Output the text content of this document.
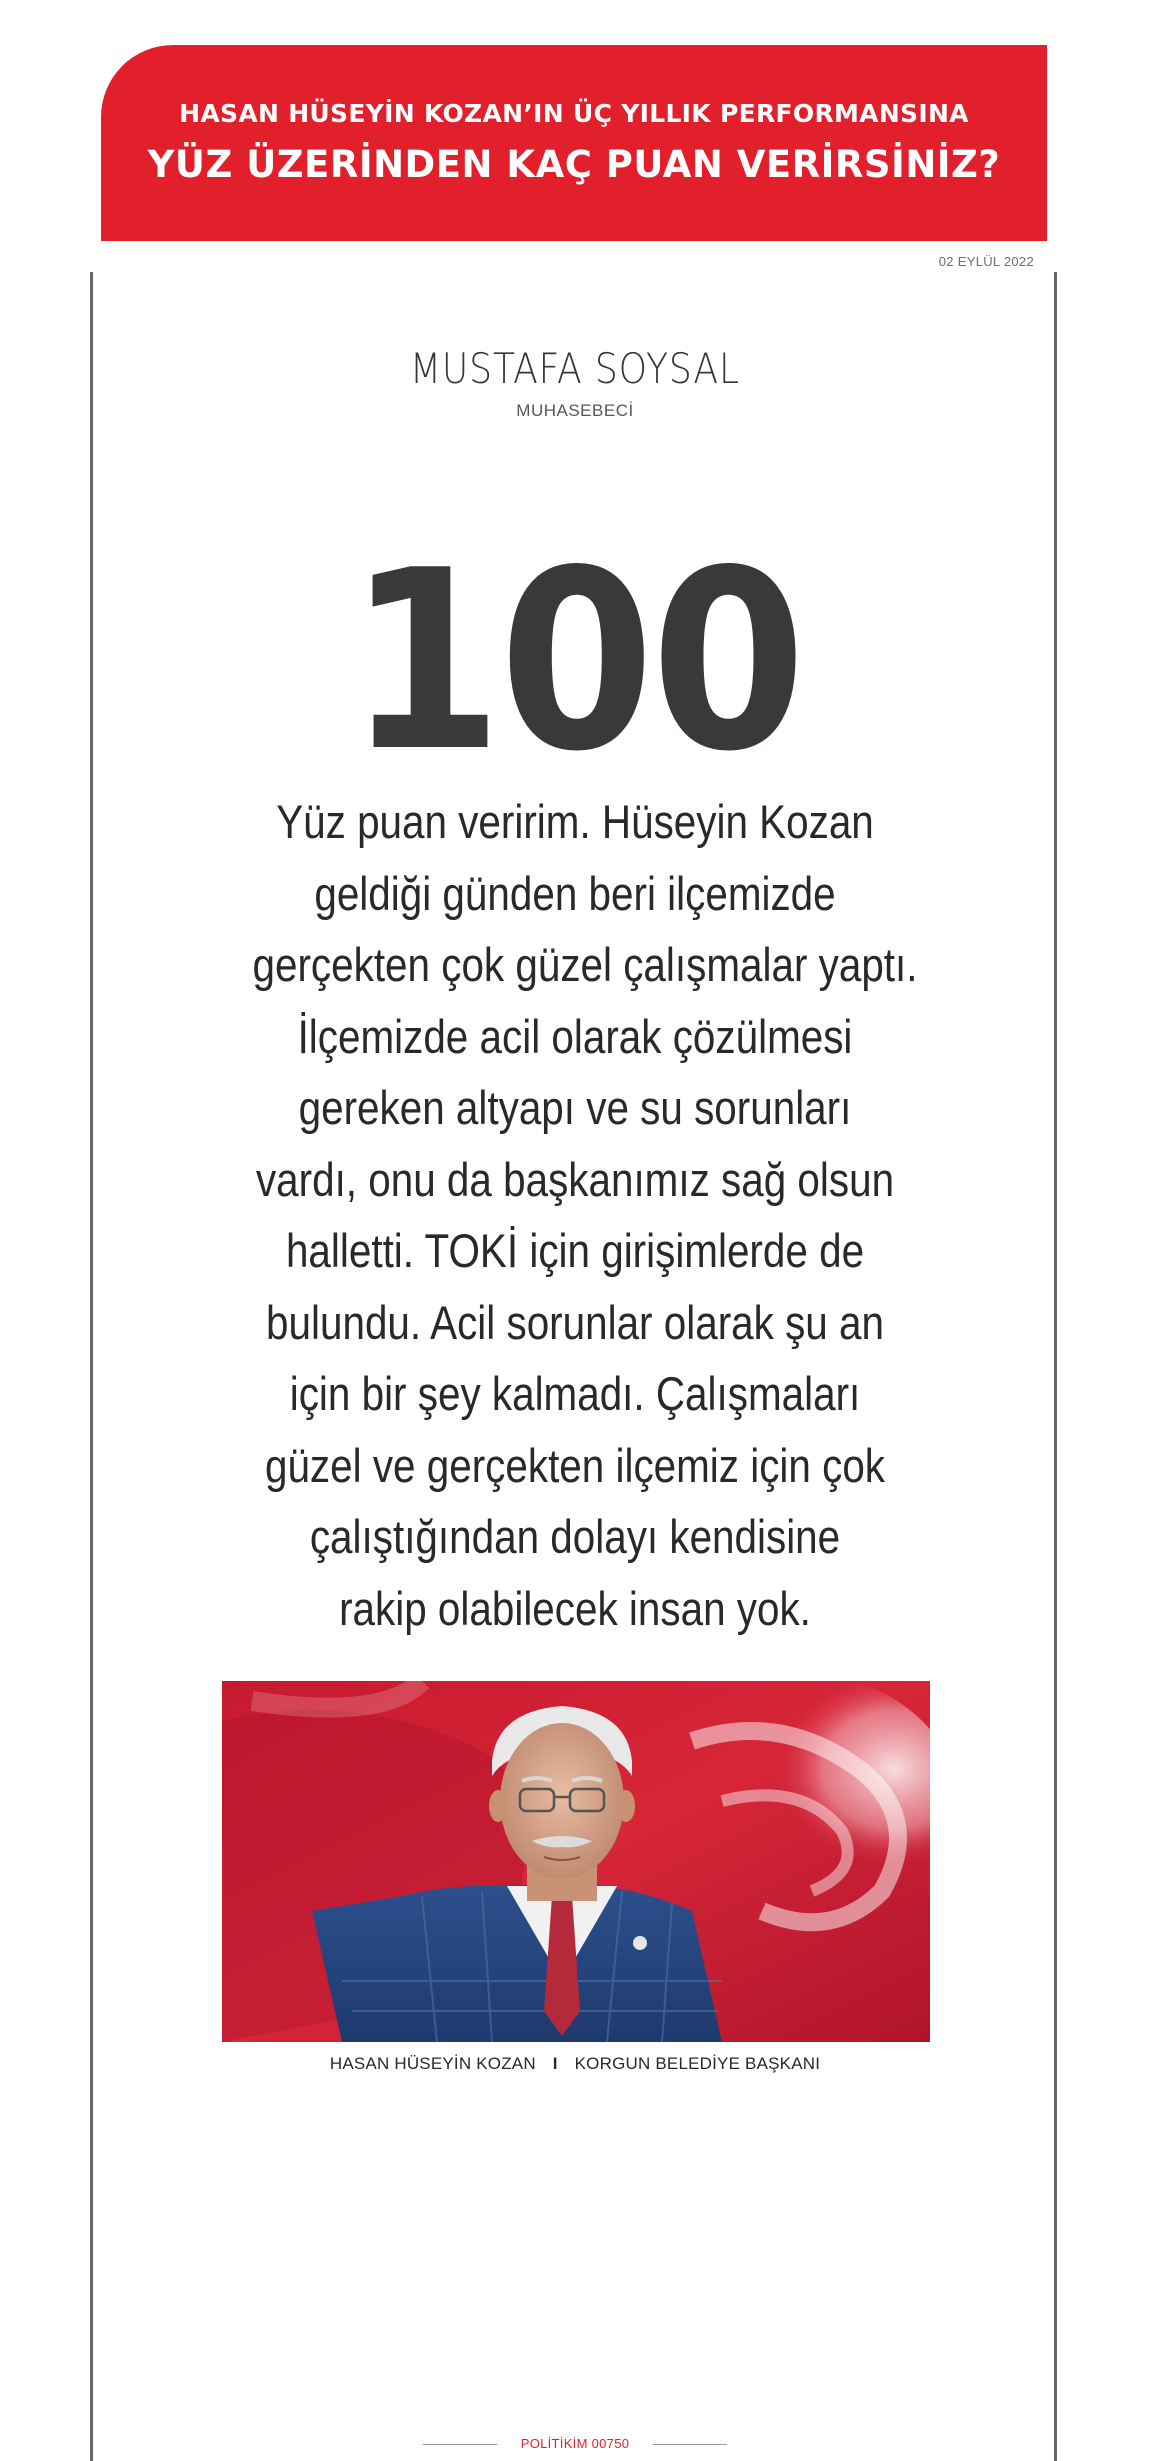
HASAN HÜSEYİN KOZAN’IN ÜÇ YILLIK PERFORMANSINA
YÜZ ÜZERİNDEN KAÇ PUAN VERİRSİNİZ?
02 EYLÜL 2022
MUSTAFA SOYSAL
MUHASEBECİ
100
Yüz puan veririm. Hüseyin Kozan
geldiği günden beri ilçemizde
gerçekten çok güzel çalışmalar yaptı.
İlçemizde acil olarak çözülmesi
gereken altyapı ve su sorunları
vardı, onu da başkanımız sağ olsun
halletti. TOKİ için girişimlerde de
bulundu. Acil sorunlar olarak şu an
için bir şey kalmadı. Çalışmaları
güzel ve gerçekten ilçemiz için çok
çalıştığından dolayı kendisine
rakip olabilecek insan yok.
HASAN HÜSEYİN KOZAN I KORGUN BELEDİYE BAŞKANI
POLİTİKİM 00750
